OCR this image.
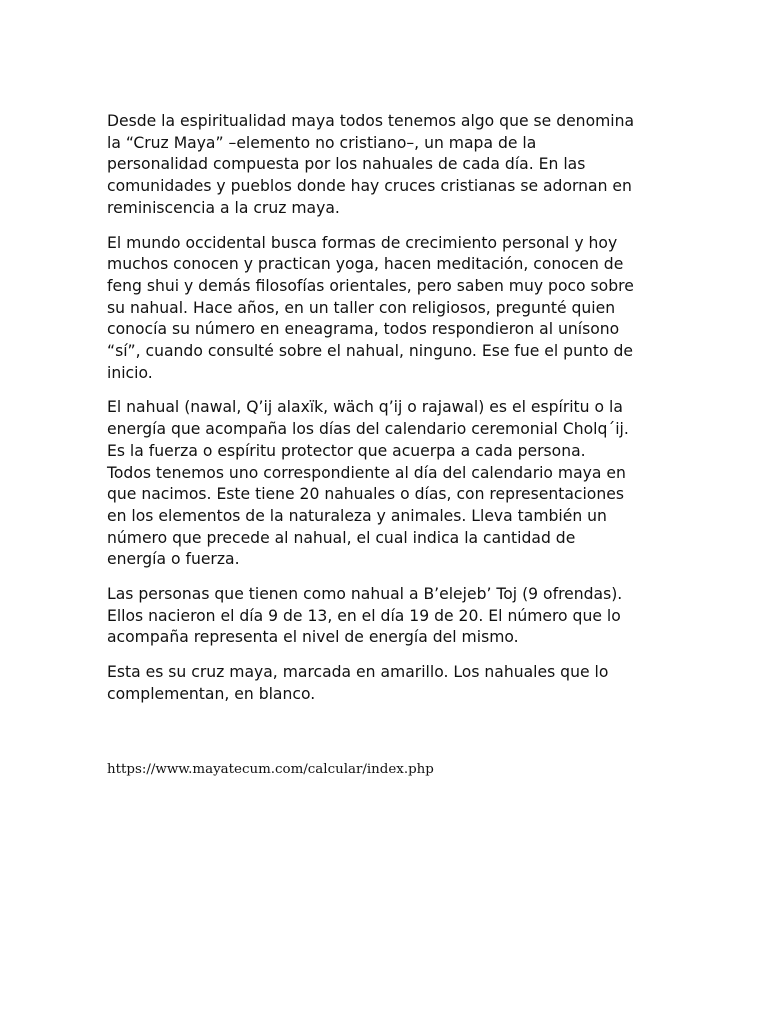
Desde la espiritualidad maya todos tenemos algo que se denomina
la “Cruz Maya” –elemento no cristiano–, un mapa de la
personalidad compuesta por los nahuales de cada día. En las
comunidades y pueblos donde hay cruces cristianas se adornan en
reminiscencia a la cruz maya.

El mundo occidental busca formas de crecimiento personal y hoy
muchos conocen y practican yoga, hacen meditación, conocen de
feng shui y demás filosofías orientales, pero saben muy poco sobre
su nahual. Hace años, en un taller con religiosos, pregunté quien
conocía su número en eneagrama, todos respondieron al unísono
“sí”, cuando consulté sobre el nahual, ninguno. Ese fue el punto de
inicio.

El nahual (nawal, Q’ij alaxïk, wäch q’ij o rajawal) es el espíritu o la
energía que acompaña los días del calendario ceremonial Cholq´ij.
Es la fuerza o espíritu protector que acuerpa a cada persona.
Todos tenemos uno correspondiente al día del calendario maya en
que nacimos. Este tiene 20 nahuales o días, con representaciones
en los elementos de la naturaleza y animales. Lleva también un
número que precede al nahual, el cual indica la cantidad de
energía o fuerza.

Las personas que tienen como nahual a B’elejeb’ Toj (9 ofrendas).
Ellos nacieron el día 9 de 13, en el día 19 de 20. El número que lo
acompaña representa el nivel de energía del mismo.

Esta es su cruz maya, marcada en amarillo. Los nahuales que lo
complementan, en blanco.

https://www.mayatecum.com/calcular/index.php
